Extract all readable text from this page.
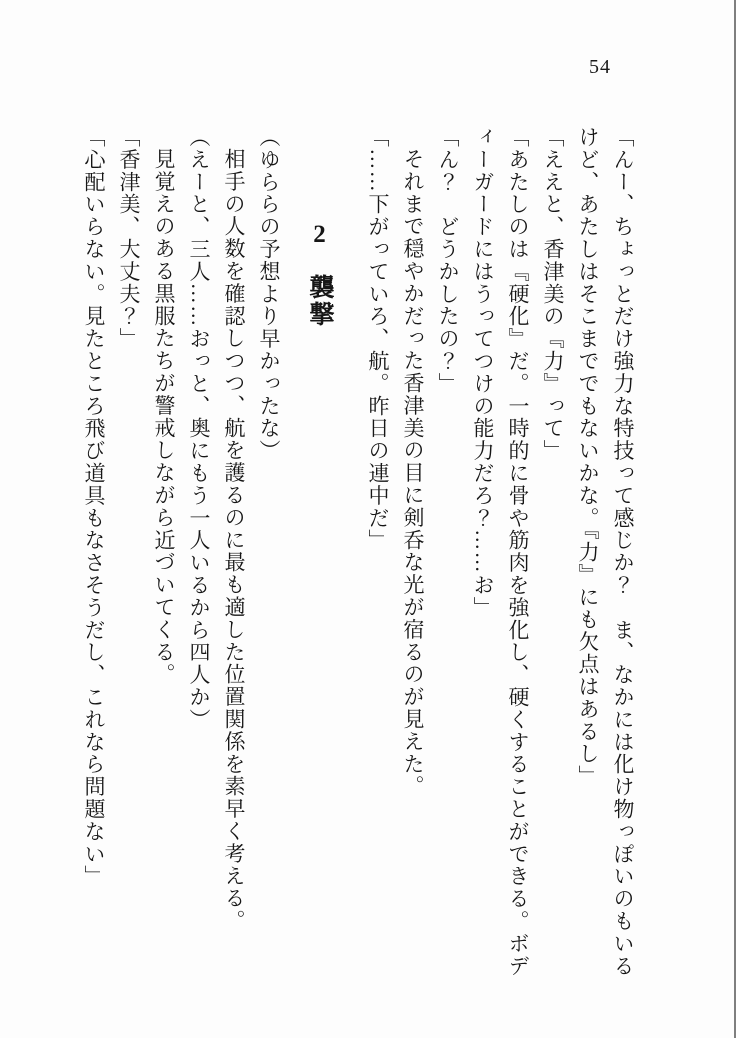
54

「んー、ちょっとだけ強力な特技って感じか？　ま、なかには化け物っぽいのもいるけど、あたしはそこまででもないかな。『力』にも欠点はあるし」

「ええと、香津美の『力』って」

「あたしのは『硬化』だ。一時的に骨や筋肉を強化し、硬くすることができる。ボディーガードにはうってつけの能力だろ？……お」

「ん？　どうかしたの？」

それまで穏やかだった香津美の目に剣呑な光が宿るのが見えた。

「……下がっていろ、航。昨日の連中だ」

2襲撃

（ゆららの予想より早かったな）

相手の人数を確認しつつ、航を護るのに最も適した位置関係を素早く考える。

（えーと、三人……おっと、奥にもう一人いるから四人か）

見覚えのある黒服たちが警戒しながら近づいてくる。

「香津美、大丈夫？」

「心配いらない。見たところ飛び道具もなさそうだし、これなら問題ない」
